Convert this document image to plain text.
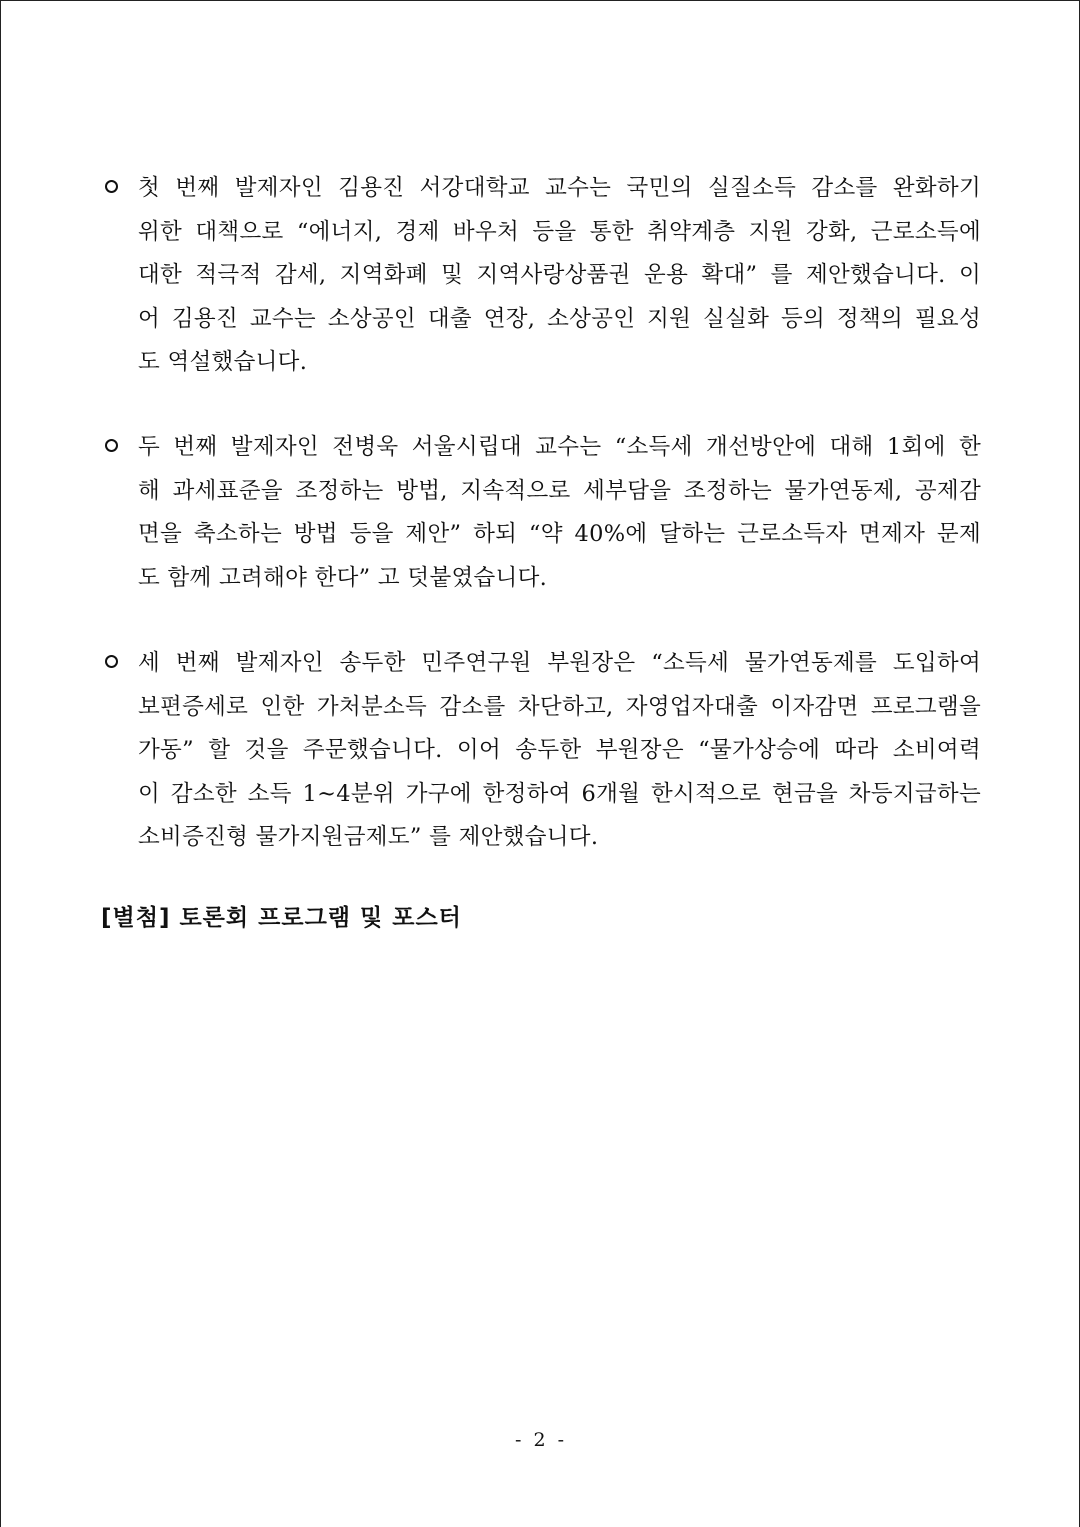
첫 번째 발제자인 김용진 서강대학교 교수는 국민의 실질소득 감소를 완화하기
위한 대책으로 “에너지, 경제 바우처 등을 통한 취약계층 지원 강화, 근로소득에
대한 적극적 감세, 지역화폐 및 지역사랑상품권 운용 확대” 를 제안했습니다. 이
어 김용진 교수는 소상공인 대출 연장, 소상공인 지원 실실화 등의 정책의 필요성
도 역설했습니다.
두 번째 발제자인 전병욱 서울시립대 교수는 “소득세 개선방안에 대해 1회에 한
해 과세표준을 조정하는 방법, 지속적으로 세부담을 조정하는 물가연동제, 공제감
면을 축소하는 방법 등을 제안” 하되 “약 40%에 달하는 근로소득자 면제자 문제
도 함께 고려해야 한다” 고 덧붙였습니다.
세 번째 발제자인 송두한 민주연구원 부원장은 “소득세 물가연동제를 도입하여
보편증세로 인한 가처분소득 감소를 차단하고, 자영업자대출 이자감면 프로그램을
가동” 할 것을 주문했습니다. 이어 송두한 부원장은 “물가상승에 따라 소비여력
이 감소한 소득 1~4분위 가구에 한정하여 6개월 한시적으로 현금을 차등지급하는
소비증진형 물가지원금제도” 를 제안했습니다.
[별첨] 토론회 프로그램 및 포스터
- 2 -
